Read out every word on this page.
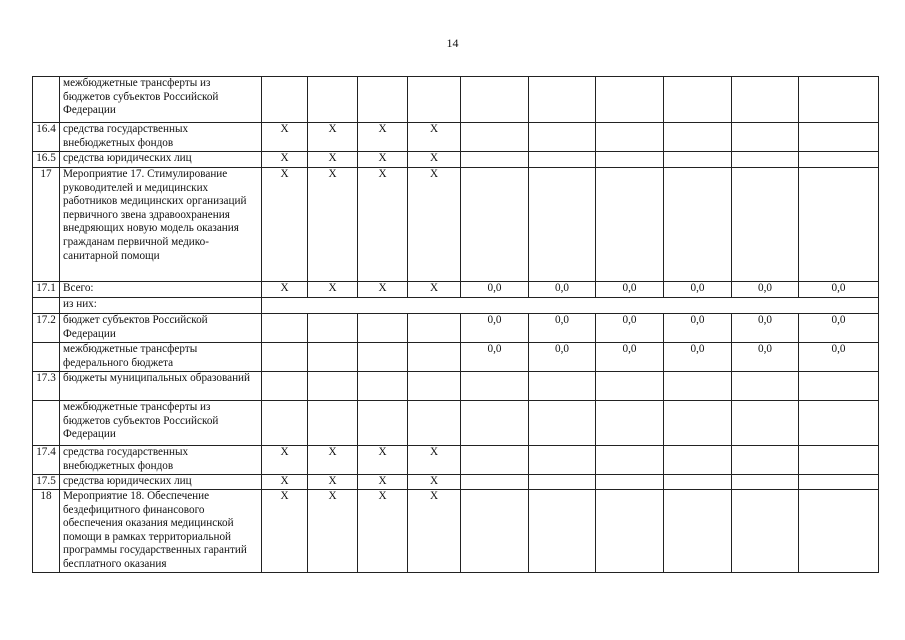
14
	межбюджетные трансферты из бюджетов субъектов Российской Федерации										
16.4	средства государственных внебюджетных фондов	Х	Х	Х	Х						
16.5	средства юридических лиц	Х	Х	Х	Х						
17	Мероприятие 17. Стимулирование руководителей и медицинских работников медицинских организаций первичного звена здравоохранения внедряющих новую модель оказания гражданам первичной медико-санитарной помощи	Х	Х	Х	Х						
17.1	Всего:	Х	Х	Х	Х	0,0	0,0	0,0	0,0	0,0	0,0
	из них:										
17.2	бюджет субъектов Российской Федерации					0,0	0,0	0,0	0,0	0,0	0,0
	межбюджетные трансферты федерального бюджета					0,0	0,0	0,0	0,0	0,0	0,0
17.3	бюджеты муниципальных образований										
	межбюджетные трансферты из бюджетов субъектов Российской Федерации										
17.4	средства государственных внебюджетных фондов	Х	Х	Х	Х						
17.5	средства юридических лиц	Х	Х	Х	Х						
18	Мероприятие 18. Обеспечение бездефицитного финансового обеспечения оказания медицинской помощи в рамках территориальной программы государственных гарантий бесплатного оказания	Х	Х	Х	Х						
